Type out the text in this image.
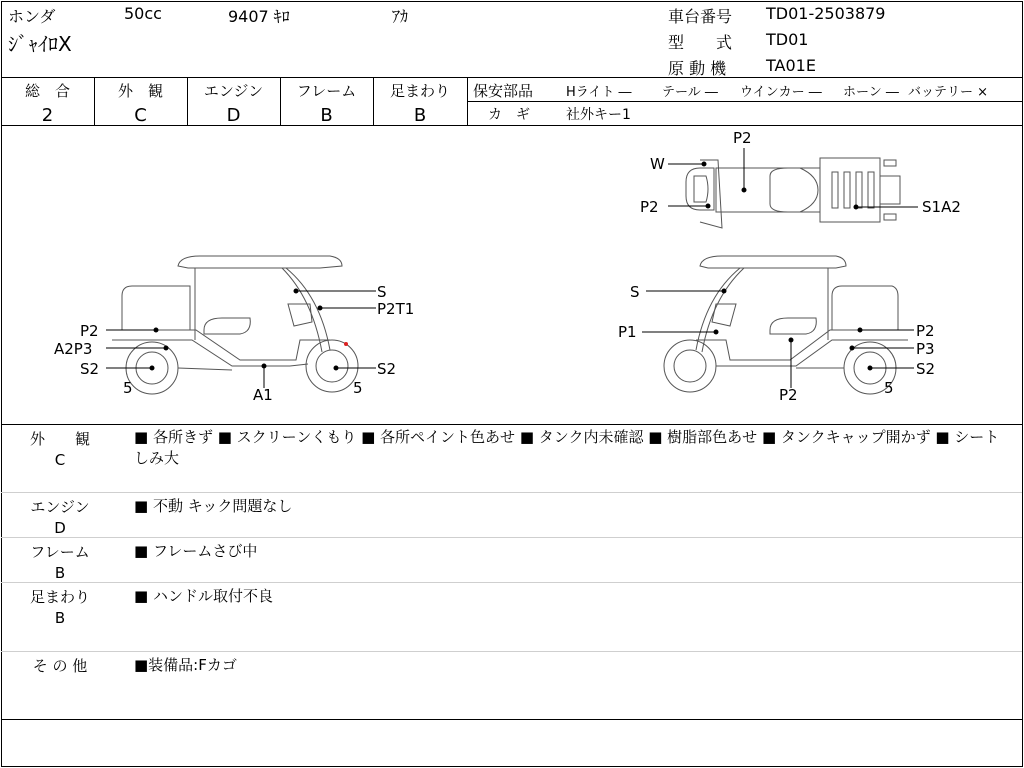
ホンダ	50cc	9407 ｷﾛ	ｱｶ
ｼﾞｬｲﾛX
車台番号 TD01-2503879
型　　式 TD01
原 動 機 TA01E
総　合
2
外　観
C
エンジン
D
フレーム
B
足まわり
B
保安部品	Hライト ― テール ― ウインカー ― ホーン ― バッテリー ×
カ　ギ	社外キー1
P2
W
P2	S1A2
S
P2T1
P2
A2P3
S2	S2
5	5
A1
S
P1	P2
P3
S2
P2	5
外　　観
C
■ 各所きず ■ スクリーンくもり ■ 各所ペイント色あせ ■ タンク内未確認 ■ 樹脂部色あせ ■ タンクキャップ開かず ■ シートしみ大
エンジン
D
■ 不動 キック問題なし
フレーム
B
■ フレームさび中
足まわり
B
■ ハンドル取付不良
そ の 他	■装備品:Fカゴ
